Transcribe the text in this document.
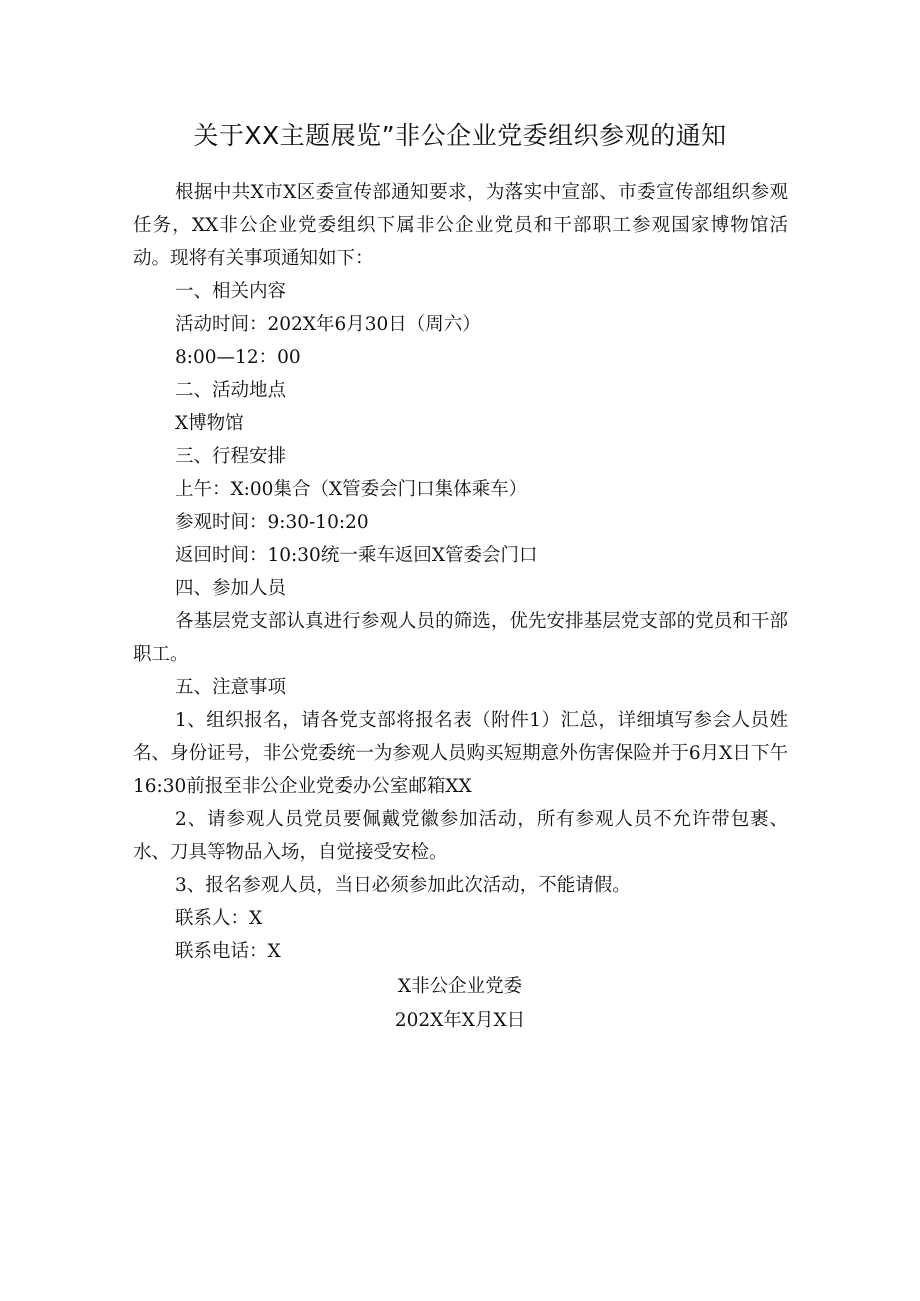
关于XX主题展览”非公企业党委组织参观的通知

根据中共X市X区委宣传部通知要求，为落实中宣部、市委宣传部组织参观任务，XX非公企业党委组织下属非公企业党员和干部职工参观国家博物馆活动。现将有关事项通知如下：

一、相关内容

活动时间：202X年6月30日（周六）

8:00—12：00

二、活动地点

X博物馆

三、行程安排

上午：X:00集合（X管委会门口集体乘车）

参观时间：9:30-10:20

返回时间：10:30统一乘车返回X管委会门口

四、参加人员

各基层党支部认真进行参观人员的筛选，优先安排基层党支部的党员和干部职工。

五、注意事项

1、组织报名，请各党支部将报名表（附件1）汇总，详细填写参会人员姓名、身份证号，非公党委统一为参观人员购买短期意外伤害保险并于6月X日下午16:30前报至非公企业党委办公室邮箱XX

2、请参观人员党员要佩戴党徽参加活动，所有参观人员不允许带包裹、水、刀具等物品入场，自觉接受安检。

3、报名参观人员，当日必须参加此次活动，不能请假。

联系人：X

联系电话：X

X非公企业党委
202X年X月X日
